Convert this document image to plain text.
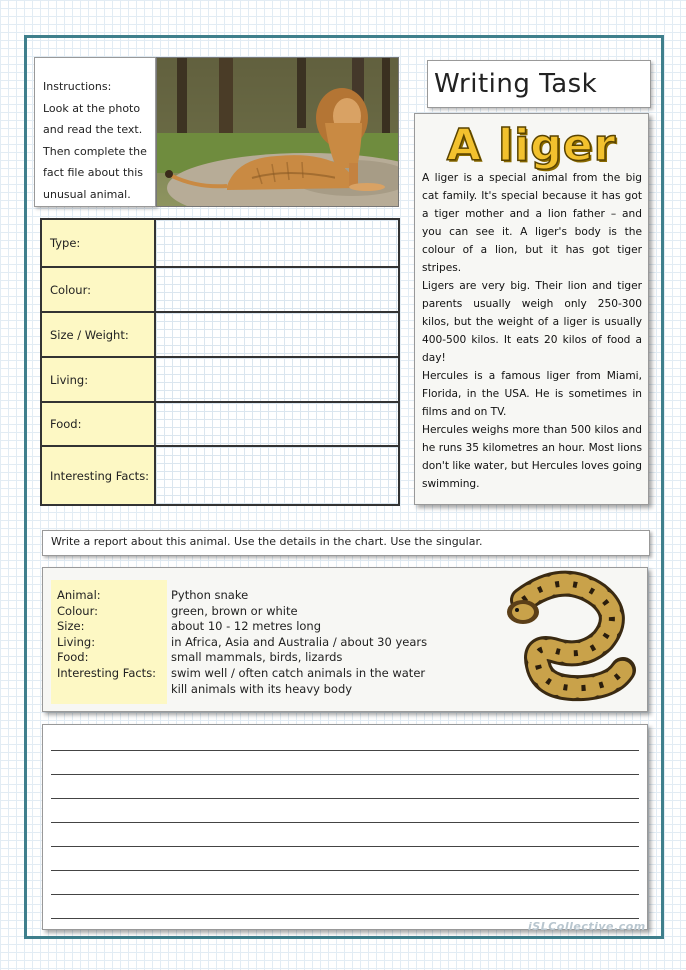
Instructions:
Look at the photo
and read the text.
Then complete the
fact file about this
unusual animal.
Writing Task
A liger

A liger is a special animal from the big cat family. It's special because it has got a tiger mother and a lion father – and you can see it. A liger's body is the colour of a lion, but it has got tiger stripes.

Ligers are very big. Their lion and tiger parents usually weigh only 250-300 kilos, but the weight of a liger is usually 400-500 kilos. It eats 20 kilos of food a day!

Hercules is a famous liger from Miami, Florida, in the USA. He is sometimes in films and on TV.

Hercules weighs more than 500 kilos and he runs 35 kilometres an hour. Most lions don't like water, but Hercules loves going swimming.

Type:
Colour:
Size / Weight:
Living:
Food:
Interesting Facts:
Write a report about this animal. Use the details in the chart. Use the singular.
Animal:
Colour:
Size:
Living:
Food:
Interesting Facts:
Python snake
green, brown or white
about 10 - 12 metres long
in Africa, Asia and Australia / about 30 years
small mammals, birds, lizards
swim well / often catch animals in the water
kill animals with its heavy body
iSLCollective.com
